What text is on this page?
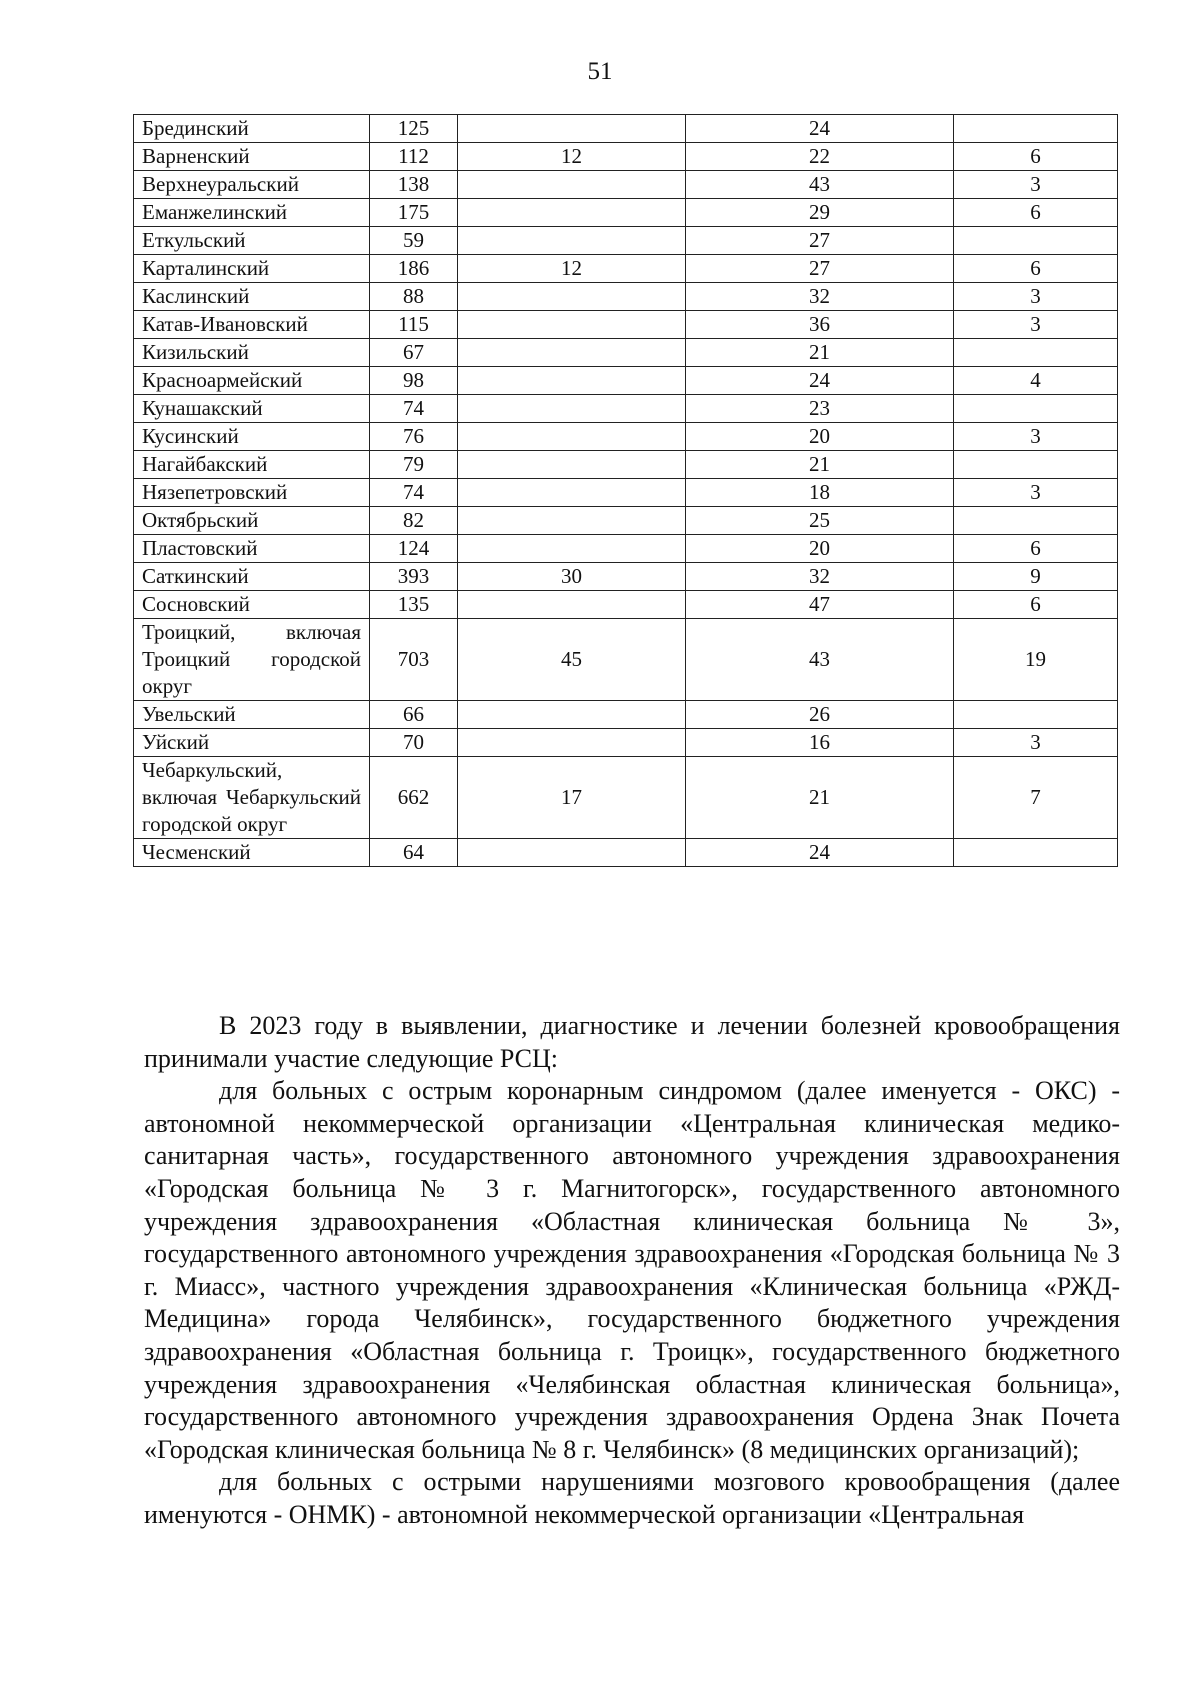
51
Брединский	125		24	
Варненский	112	12	22	6
Верхнеуральский	138		43	3
Еманжелинский	175		29	6
Еткульский	59		27	
Карталинский	186	12	27	6
Каслинский	88		32	3
Катав-Ивановский	115		36	3
Кизильский	67		21	
Красноармейский	98		24	4
Кунашакский	74		23	
Кусинский	76		20	3
Нагайбакский	79		21	
Нязепетровский	74		18	3
Октябрьский	82		25	
Пластовский	124		20	6
Саткинский	393	30	32	9
Сосновский	135		47	6
Троицкий, включая Троицкий городской округ	703	45	43	19
Увельский	66		26	
Уйский	70		16	3
Чебаркульский, включая Чебаркульский городской округ	662	17	21	7
Чесменский	64		24	

В 2023 году в выявлении, диагностике и лечении болезней кровообращения принимали участие следующие РСЦ:

для больных с острым коронарным синдромом (далее именуется - ОКС) - автономной некоммерческой организации «Центральная клиническая медико-санитарная часть», государственного автономного учреждения здравоохранения «Городская больница № 3 г. Магнитогорск», государственного автономного учреждения здравоохранения «Областная клиническая больница № 3», государственного автономного учреждения здравоохранения «Городская больница № 3 г. Миасс», частного учреждения здравоохранения «Клиническая больница «РЖД-Медицина» города Челябинск», государственного бюджетного учреждения здравоохранения «Областная больница г. Троицк», государственного бюджетного учреждения здравоохранения «Челябинская областная клиническая больница», государственного автономного учреждения здравоохранения Ордена Знак Почета «Городская клиническая больница № 8 г. Челябинск» (8 медицинских организаций);

для больных с острыми нарушениями мозгового кровообращения (далее именуются - ОНМК) - автономной некоммерческой организации «Центральная
